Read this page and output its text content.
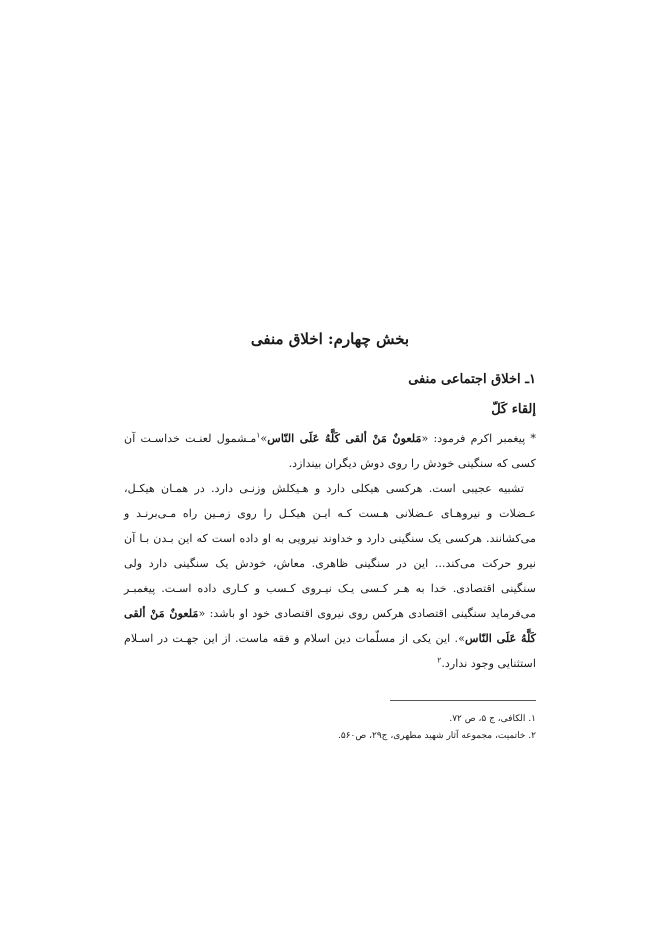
بخش چهارم: اخلاق منفی
۱ـ اخلاق اجتماعی منفی
إلقاء کَلّ

* پیغمبر اکرم فرمود: «مَلعونٌ مَنْ ألقی کَلَّهُ عَلَی النّاس»$^۱$مـشمول لعنـت خداسـت آن کسی که سنگینی خودش را روی دوش دیگران بیندازد.

تشبیه عجیبی است. هرکسی هیکلی دارد و هـیکلش وزنـی دارد. در همـان هیکـل، عـضلات و نیروهـای عـضلانی هـست کـه ایـن هیکـل را روی زمـین راه مـی‌برنـد و می‌کشانند. هرکسی یک سنگینی دارد و خداوند نیرویی به او داده است که این بـدن بـا آن نیرو حرکت می‌کند... این در سنگینی ظاهری. معاش، خودش یک سنگینی دارد ولی سنگینی اقتصادی. خدا به هـر کـسی یـک نیـروی کـسب و کـاری داده اسـت. پیغمبـر می‌فرماید سنگینی اقتصادی هرکس روی نیروی اقتصادی خود او باشد: «مَلعونٌ مَنْ ألقی کَلَّهُ عَلَی النّاس». این یکی از مسلّمات دین اسلام و فقه ماست. از این جهـت در اسـلام استثنایی وجود ندارد.$^۲$

۱. الکافی، ج ۵، ص ۷۲.
۲. خاتمیت، مجموعه آثار شهید مطهری، ج۲۹، ص۵۶۰.
